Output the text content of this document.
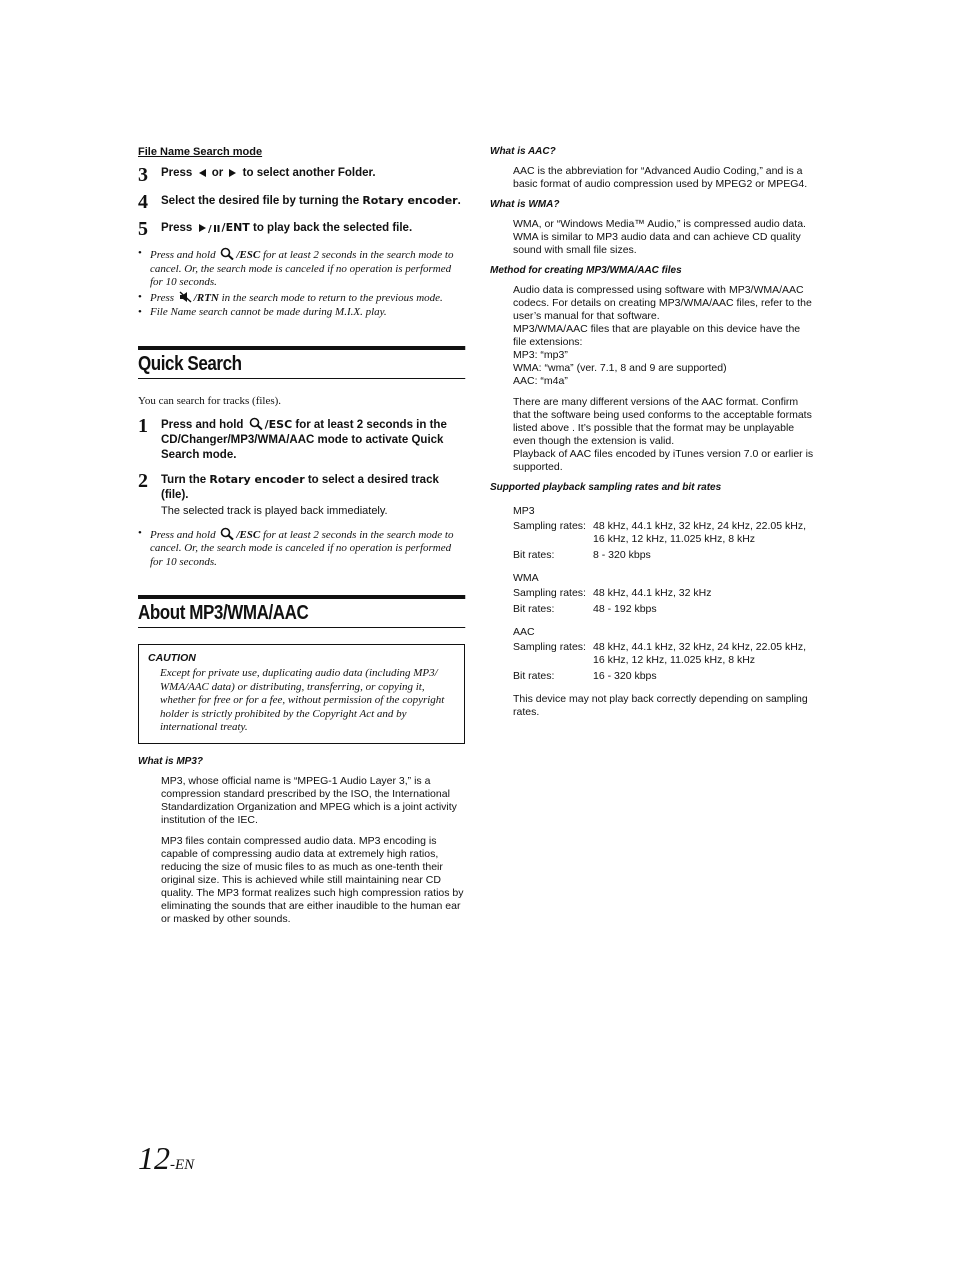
File Name Search mode
3	Press or to select another Folder.
4	Select the desired file by turning the Rotary encoder.
5	Press / /ENT to play back the selected file.
• Press and hold /ESC for at least 2 seconds in the search mode to cancel. Or, the search mode is canceled if no operation is performed for 10 seconds.
• Press /RTN in the search mode to return to the previous mode.
• File Name search cannot be made during M.I.X. play.
Quick Search
You can search for tracks (files).
1	Press and hold /ESC for at least 2 seconds in the CD/Changer/MP3/WMA/AAC mode to activate Quick Search mode.
2	Turn the Rotary encoder to select a desired track (file).
The selected track is played back immediately.
• Press and hold /ESC for at least 2 seconds in the search mode to cancel. Or, the search mode is canceled if no operation is performed for 10 seconds.
About MP3/WMA/AAC
CAUTION
Except for private use, duplicating audio data (including MP3/ WMA/AAC data) or distributing, transferring, or copying it, whether for free or for a fee, without permission of the copyright holder is strictly prohibited by the Copyright Act and by international treaty.
What is MP3?
MP3, whose official name is “MPEG-1 Audio Layer 3,” is a compression standard prescribed by the ISO, the International Standardization Organization and MPEG which is a joint activity institution of the IEC.
MP3 files contain compressed audio data. MP3 encoding is capable of compressing audio data at extremely high ratios, reducing the size of music files to as much as one-tenth their original size. This is achieved while still maintaining near CD quality. The MP3 format realizes such high compression ratios by eliminating the sounds that are either inaudible to the human ear or masked by other sounds.
What is AAC?
AAC is the abbreviation for “Advanced Audio Coding,” and is a basic format of audio compression used by MPEG2 or MPEG4.
What is WMA?
WMA, or “Windows Media™ Audio,” is compressed audio data. WMA is similar to MP3 audio data and can achieve CD quality sound with small file sizes.
Method for creating MP3/WMA/AAC files
Audio data is compressed using software with MP3/WMA/AAC codecs. For details on creating MP3/WMA/AAC files, refer to the user’s manual for that software.
MP3/WMA/AAC files that are playable on this device have the file extensions:
MP3: “mp3”
WMA: “wma” (ver. 7.1, 8 and 9 are supported)
AAC: “m4a”
There are many different versions of the AAC format. Confirm that the software being used conforms to the acceptable formats listed above . It’s possible that the format may be unplayable even though the extension is valid.
Playback of AAC files encoded by iTunes version 7.0 or earlier is supported.
Supported playback sampling rates and bit rates
MP3
Sampling rates: 48 kHz, 44.1 kHz, 32 kHz, 24 kHz, 22.05 kHz, 16 kHz, 12 kHz, 11.025 kHz, 8 kHz
Bit rates:	8 - 320 kbps
WMA
Sampling rates: 48 kHz, 44.1 kHz, 32 kHz
Bit rates:	48 - 192 kbps
AAC
Sampling rates: 48 kHz, 44.1 kHz, 32 kHz, 24 kHz, 22.05 kHz, 16 kHz, 12 kHz, 11.025 kHz, 8 kHz
Bit rates:	16 - 320 kbps
This device may not play back correctly depending on sampling rates.
12-EN
